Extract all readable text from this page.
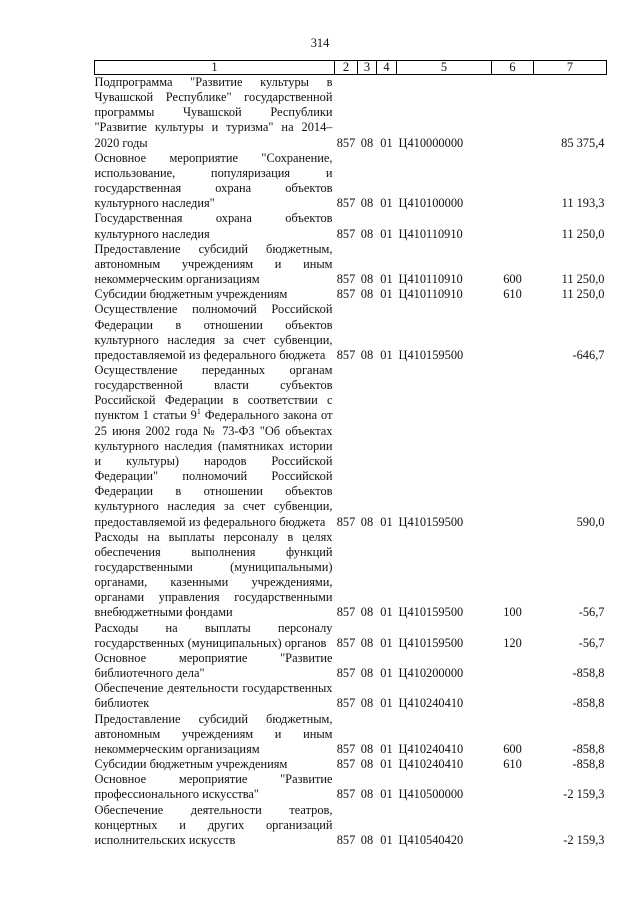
314
1	2	3	4	5	6	7
Подпрограмма "Развитие культуры в Чувашской Республике" государственной программы Чувашской Республики "Развитие культуры и туризма" на 2014–2020 годы	857	08	01	Ц410000000		85 375,4
Основное мероприятие "Сохранение, использование, популяризация и государственная охрана объектов культурного наследия"	857	08	01	Ц410100000		11 193,3
Государственная охрана объектов культурного наследия	857	08	01	Ц410110910		11 250,0
Предоставление субсидий бюджетным, автономным учреждениям и иным некоммерческим организациям	857	08	01	Ц410110910	600	11 250,0
Субсидии бюджетным учреждениям	857	08	01	Ц410110910	610	11 250,0
Осуществление полномочий Российской Федерации в отношении объектов культурного наследия за счет субвенции, предоставляемой из федерального бюджета	857	08	01	Ц410159500		-646,7
Осуществление переданных органам государственной власти субъектов Российской Федерации в соответствии с пунктом 1 статьи $9^1$ Федерального закона от 25 июня 2002 года № 73-ФЗ "Об объектах культурного наследия (памятниках истории и культуры) народов Российской Федерации" полномочий Российской Федерации в отношении объектов культурного наследия за счет субвенции, предоставляемой из федерального бюджета	857	08	01	Ц410159500		590,0
Расходы на выплаты персоналу в целях обеспечения выполнения функций государственными (муниципальными) органами, казенными учреждениями, органами управления государственными внебюджетными фондами	857	08	01	Ц410159500	100	-56,7
Расходы на выплаты персоналу государственных (муниципальных) органов	857	08	01	Ц410159500	120	-56,7
Основное мероприятие "Развитие библиотечного дела"	857	08	01	Ц410200000		-858,8
Обеспечение деятельности государственных библиотек	857	08	01	Ц410240410		-858,8
Предоставление субсидий бюджетным, автономным учреждениям и иным некоммерческим организациям	857	08	01	Ц410240410	600	-858,8
Субсидии бюджетным учреждениям	857	08	01	Ц410240410	610	-858,8
Основное мероприятие "Развитие профессионального искусства"	857	08	01	Ц410500000		-2 159,3
Обеспечение деятельности театров, концертных и других организаций исполнительских искусств	857	08	01	Ц410540420		-2 159,3
